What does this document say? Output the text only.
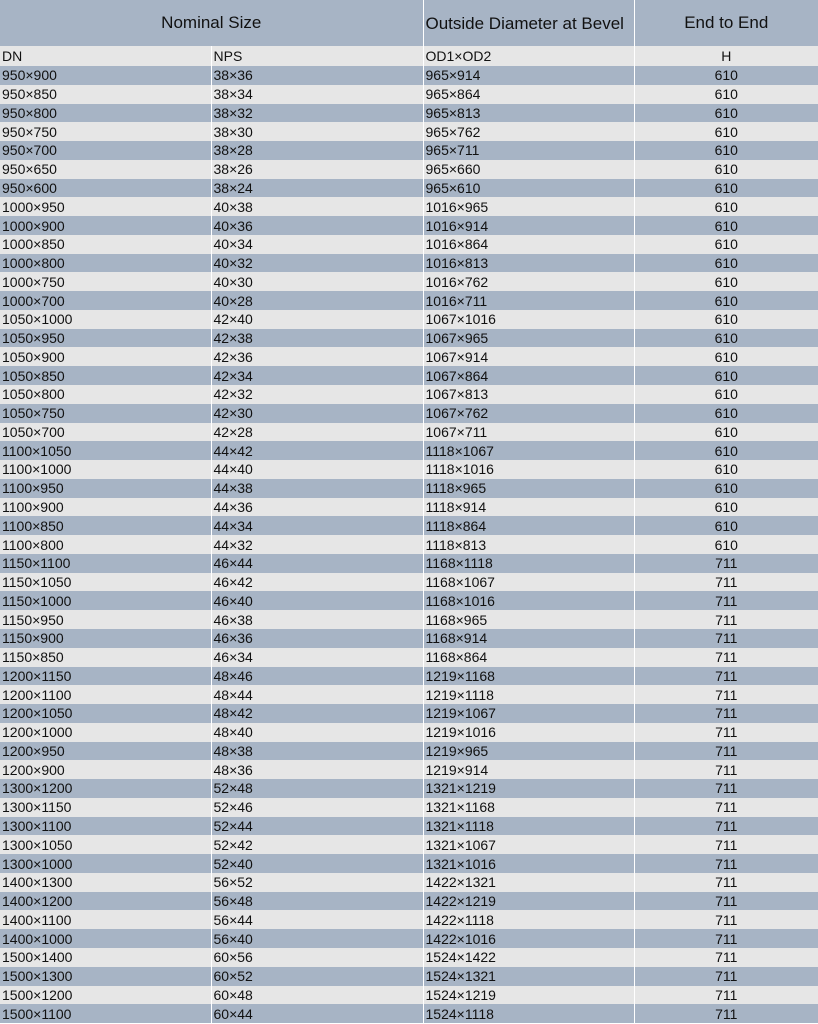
Nominal Size		Outside Diameter at Bevel	End to End
DN	NPS	OD1×OD2	H
950×900	38×36	965×914	610
950×850	38×34	965×864	610
950×800	38×32	965×813	610
950×750	38×30	965×762	610
950×700	38×28	965×711	610
950×650	38×26	965×660	610
950×600	38×24	965×610	610
1000×950	40×38	1016×965	610
1000×900	40×36	1016×914	610
1000×850	40×34	1016×864	610
1000×800	40×32	1016×813	610
1000×750	40×30	1016×762	610
1000×700	40×28	1016×711	610
1050×1000	42×40	1067×1016	610
1050×950	42×38	1067×965	610
1050×900	42×36	1067×914	610
1050×850	42×34	1067×864	610
1050×800	42×32	1067×813	610
1050×750	42×30	1067×762	610
1050×700	42×28	1067×711	610
1100×1050	44×42	1118×1067	610
1100×1000	44×40	1118×1016	610
1100×950	44×38	1118×965	610
1100×900	44×36	1118×914	610
1100×850	44×34	1118×864	610
1100×800	44×32	1118×813	610
1150×1100	46×44	1168×1118	711
1150×1050	46×42	1168×1067	711
1150×1000	46×40	1168×1016	711
1150×950	46×38	1168×965	711
1150×900	46×36	1168×914	711
1150×850	46×34	1168×864	711
1200×1150	48×46	1219×1168	711
1200×1100	48×44	1219×1118	711
1200×1050	48×42	1219×1067	711
1200×1000	48×40	1219×1016	711
1200×950	48×38	1219×965	711
1200×900	48×36	1219×914	711
1300×1200	52×48	1321×1219	711
1300×1150	52×46	1321×1168	711
1300×1100	52×44	1321×1118	711
1300×1050	52×42	1321×1067	711
1300×1000	52×40	1321×1016	711
1400×1300	56×52	1422×1321	711
1400×1200	56×48	1422×1219	711
1400×1100	56×44	1422×1118	711
1400×1000	56×40	1422×1016	711
1500×1400	60×56	1524×1422	711
1500×1300	60×52	1524×1321	711
1500×1200	60×48	1524×1219	711
1500×1100	60×44	1524×1118	711
